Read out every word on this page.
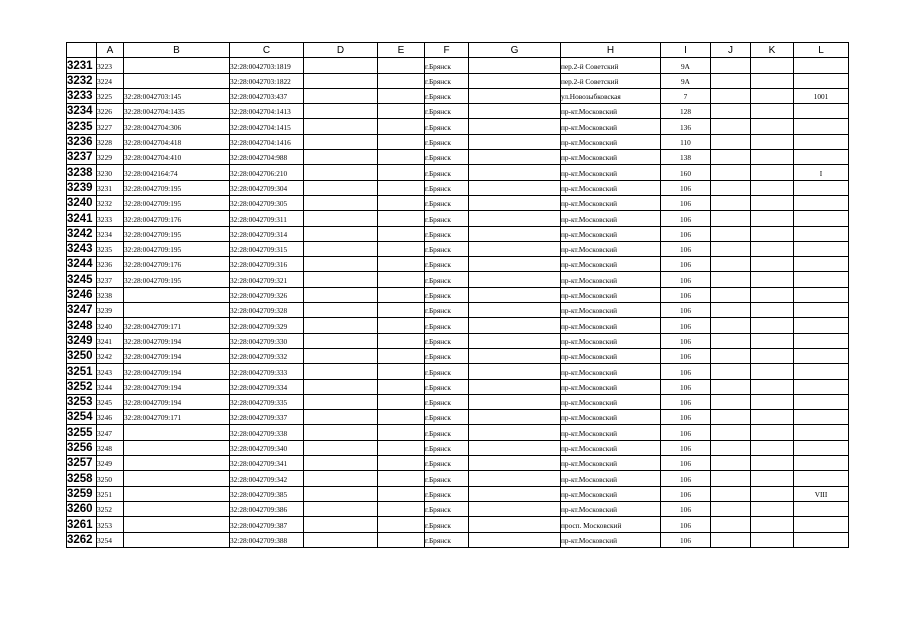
	A	B	C	D	E	F	G	H	I	J	K	L
3231	3223		32:28:0042703:1819			г.Брянск		пер.2-й Советский	9А			
3232	3224		32:28:0042703:1822			г.Брянск		пер.2-й Советский	9А			
3233	3225	32:28:0042703:145	32:28:0042703:437			г.Брянск		ул.Новозыбковская	7			1001
3234	3226	32:28:0042704:1435	32:28:0042704:1413			г.Брянск		пр-кт.Московский	128			
3235	3227	32:28:0042704:306	32:28:0042704:1415			г.Брянск		пр-кт.Московский	136			
3236	3228	32:28:0042704:418	32:28:0042704:1416			г.Брянск		пр-кт.Московский	110			
3237	3229	32:28:0042704:410	32:28:0042704:988			г.Брянск		пр-кт.Московский	138			
3238	3230	32:28:0042164:74	32:28:0042706:210			г.Брянск		пр-кт.Московский	160			I
3239	3231	32:28:0042709:195	32:28:0042709:304			г.Брянск		пр-кт.Московский	106			
3240	3232	32:28:0042709:195	32:28:0042709:305			г.Брянск		пр-кт.Московский	106			
3241	3233	32:28:0042709:176	32:28:0042709:311			г.Брянск		пр-кт.Московский	106			
3242	3234	32:28:0042709:195	32:28:0042709:314			г.Брянск		пр-кт.Московский	106			
3243	3235	32:28:0042709:195	32:28:0042709:315			г.Брянск		пр-кт.Московский	106			
3244	3236	32:28:0042709:176	32:28:0042709:316			г.Брянск		пр-кт.Московский	106			
3245	3237	32:28:0042709:195	32:28:0042709:321			г.Брянск		пр-кт.Московский	106			
3246	3238		32:28:0042709:326			г.Брянск		пр-кт.Московский	106			
3247	3239		32:28:0042709:328			г.Брянск		пр-кт.Московский	106			
3248	3240	32:28:0042709:171	32:28:0042709:329			г.Брянск		пр-кт.Московский	106			
3249	3241	32:28:0042709:194	32:28:0042709:330			г.Брянск		пр-кт.Московский	106			
3250	3242	32:28:0042709:194	32:28:0042709:332			г.Брянск		пр-кт.Московский	106			
3251	3243	32:28:0042709:194	32:28:0042709:333			г.Брянск		пр-кт.Московский	106			
3252	3244	32:28:0042709:194	32:28:0042709:334			г.Брянск		пр-кт.Московский	106			
3253	3245	32:28:0042709:194	32:28:0042709:335			г.Брянск		пр-кт.Московский	106			
3254	3246	32:28:0042709:171	32:28:0042709:337			г.Брянск		пр-кт.Московский	106			
3255	3247		32:28:0042709:338			г.Брянск		пр-кт.Московский	106			
3256	3248		32:28:0042709:340			г.Брянск		пр-кт.Московский	106			
3257	3249		32:28:0042709:341			г.Брянск		пр-кт.Московский	106			
3258	3250		32:28:0042709:342			г.Брянск		пр-кт.Московский	106			
3259	3251		32:28:0042709:385			г.Брянск		пр-кт.Московский	106			VIII
3260	3252		32:28:0042709:386			г.Брянск		пр-кт.Московский	106			
3261	3253		32:28:0042709:387			г.Брянск		просп. Московский	106			
3262	3254		32:28:0042709:388			г.Брянск		пр-кт.Московский	106			
